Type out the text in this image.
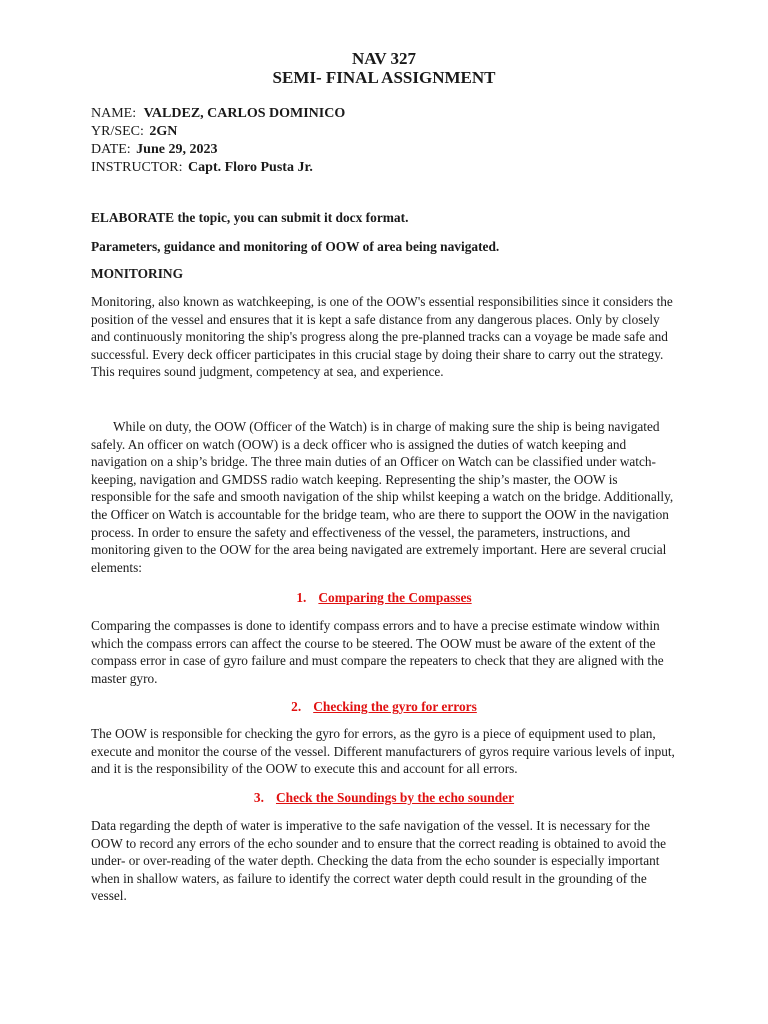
NAV 327
SEMI- FINAL ASSIGNMENT
NAME: VALDEZ, CARLOS DOMINICO
YR/SEC: 2GN
DATE: June 29, 2023
INSTRUCTOR: Capt. Floro Pusta Jr.
ELABORATE the topic, you can submit it docx format.
Parameters, guidance and monitoring of OOW of area being navigated.
MONITORING

Monitoring, also known as watchkeeping, is one of the OOW's essential responsibilities since it considers the position of the vessel and ensures that it is kept a safe distance from any dangerous places. Only by closely and continuously monitoring the ship's progress along the pre-planned tracks can a voyage be made safe and successful. Every deck officer participates in this crucial stage by doing their share to carry out the strategy. This requires sound judgment, competency at sea, and experience.

While on duty, the OOW (Officer of the Watch) is in charge of making sure the ship is being navigated safely. An officer on watch (OOW) is a deck officer who is assigned the duties of watch keeping and navigation on a ship’s bridge. The three main duties of an Officer on Watch can be classified under watch-keeping, navigation and GMDSS radio watch keeping. Representing the ship’s master, the OOW is responsible for the safe and smooth navigation of the ship whilst keeping a watch on the bridge. Additionally, the Officer on Watch is accountable for the bridge team, who are there to support the OOW in the navigation process. In order to ensure the safety and effectiveness of the vessel, the parameters, instructions, and monitoring given to the OOW for the area being navigated are extremely important. Here are several crucial elements:

1. Comparing the Compasses

Comparing the compasses is done to identify compass errors and to have a precise estimate window within which the compass errors can affect the course to be steered. The OOW must be aware of the extent of the compass error in case of gyro failure and must compare the repeaters to check that they are aligned with the master gyro.

2. Checking the gyro for errors

The OOW is responsible for checking the gyro for errors, as the gyro is a piece of equipment used to plan, execute and monitor the course of the vessel. Different manufacturers of gyros require various levels of input, and it is the responsibility of the OOW to execute this and account for all errors.

3. Check the Soundings by the echo sounder

Data regarding the depth of water is imperative to the safe navigation of the vessel. It is necessary for the OOW to record any errors of the echo sounder and to ensure that the correct reading is obtained to avoid the under- or over-reading of the water depth. Checking the data from the echo sounder is especially important when in shallow waters, as failure to identify the correct water depth could result in the grounding of the vessel.
